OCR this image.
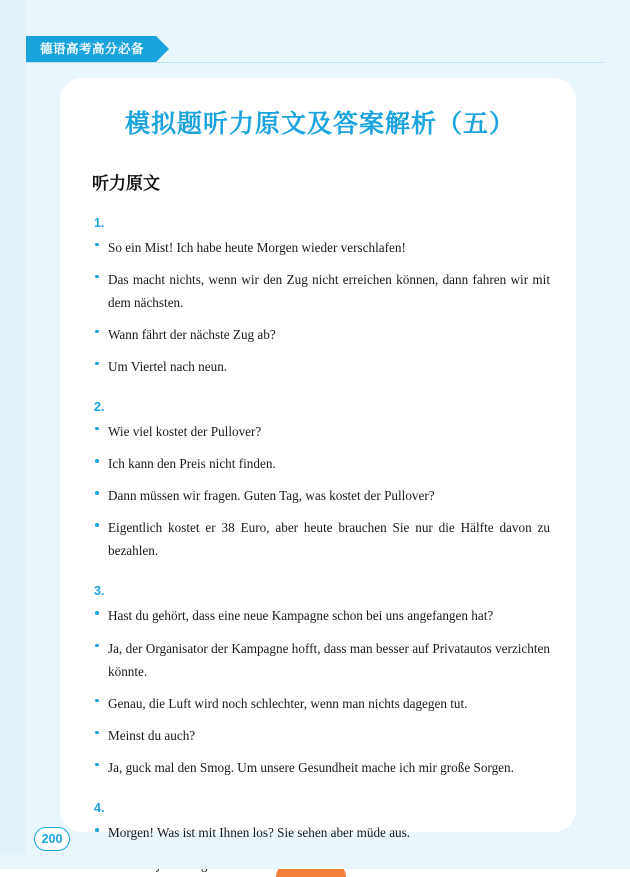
德语高考高分必备
模拟题听力原文及答案解析（五）
听力原文
1.
So ein Mist! Ich habe heute Morgen wieder verschlafen!
Das macht nichts, wenn wir den Zug nicht erreichen können, dann fahren wir mit dem nächsten.
Wann fährt der nächste Zug ab?
Um Viertel nach neun.
2.
Wie viel kostet der Pullover?
Ich kann den Preis nicht finden.
Dann müssen wir fragen. Guten Tag, was kostet der Pullover?
Eigentlich kostet er 38 Euro, aber heute brauchen Sie nur die Hälfte davon zu bezahlen.
3.
Hast du gehört, dass eine neue Kampagne schon bei uns angefangen hat?
Ja, der Organisator der Kampagne hofft, dass man besser auf Privatautos verzichten könnte.
Genau, die Luft wird noch schlechter, wenn man nichts dagegen tut.
Meinst du auch?
Ja, guck mal den Smog. Um unsere Gesundheit mache ich mir große Sorgen.
4.
Morgen! Was ist mit Ihnen los? Sie sehen aber müde aus.
200
